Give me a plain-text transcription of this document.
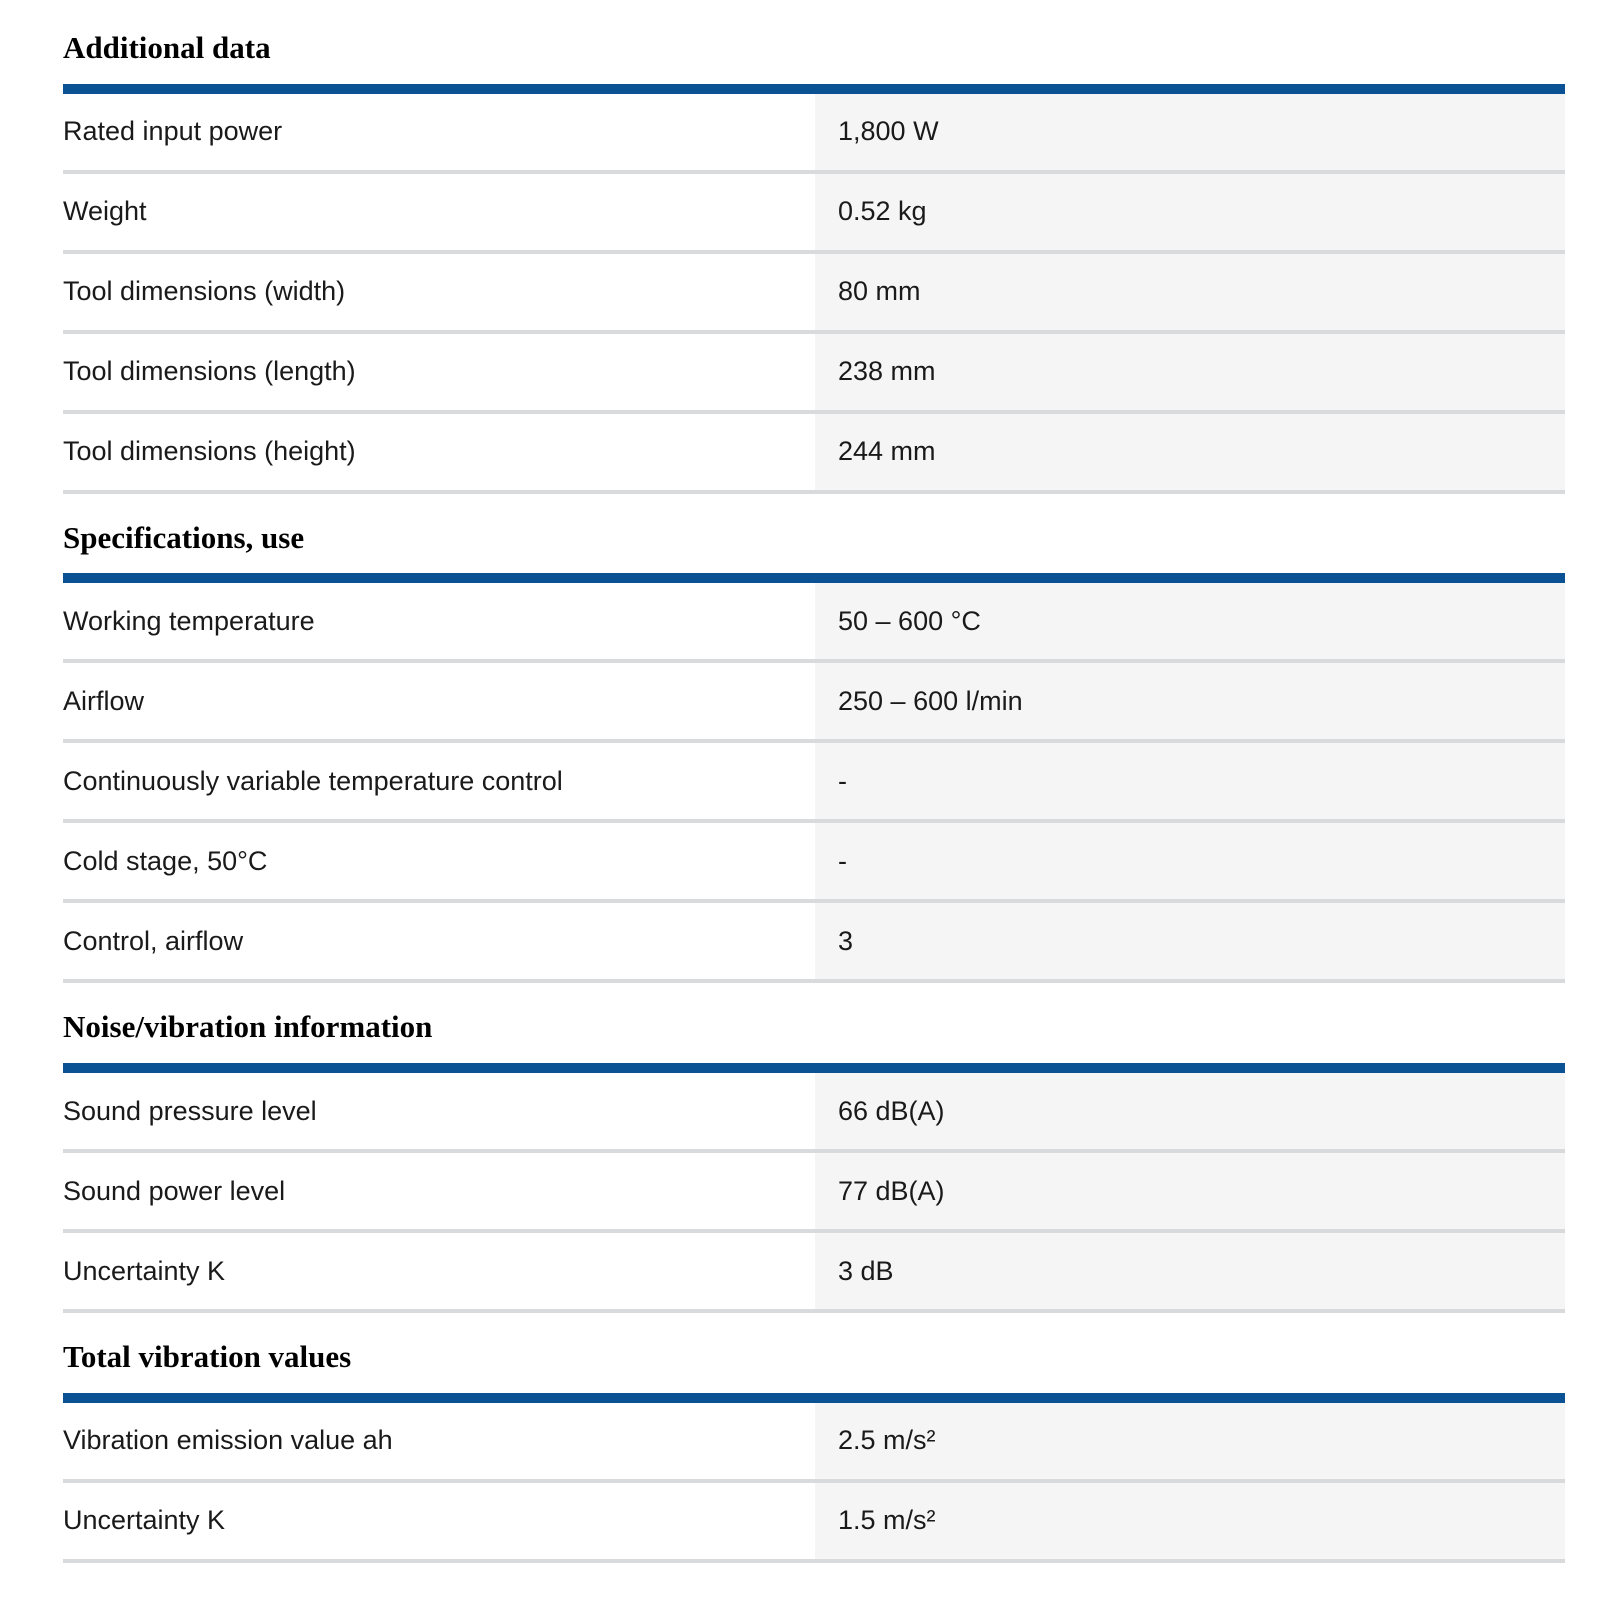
Additional data
Rated input power	1,800 W
Weight	0.52 kg
Tool dimensions (width)	80 mm
Tool dimensions (length)	238 mm
Tool dimensions (height)	244 mm
Specifications, use
Working temperature	50 – 600 °C
Airflow	250 – 600 l/min
Continuously variable temperature control	-
Cold stage, 50°C	-
Control, airflow	3
Noise/vibration information
Sound pressure level	66 dB(A)
Sound power level	77 dB(A)
Uncertainty K	3 dB
Total vibration values
Vibration emission value ah	2.5 m/s²
Uncertainty K	1.5 m/s²
